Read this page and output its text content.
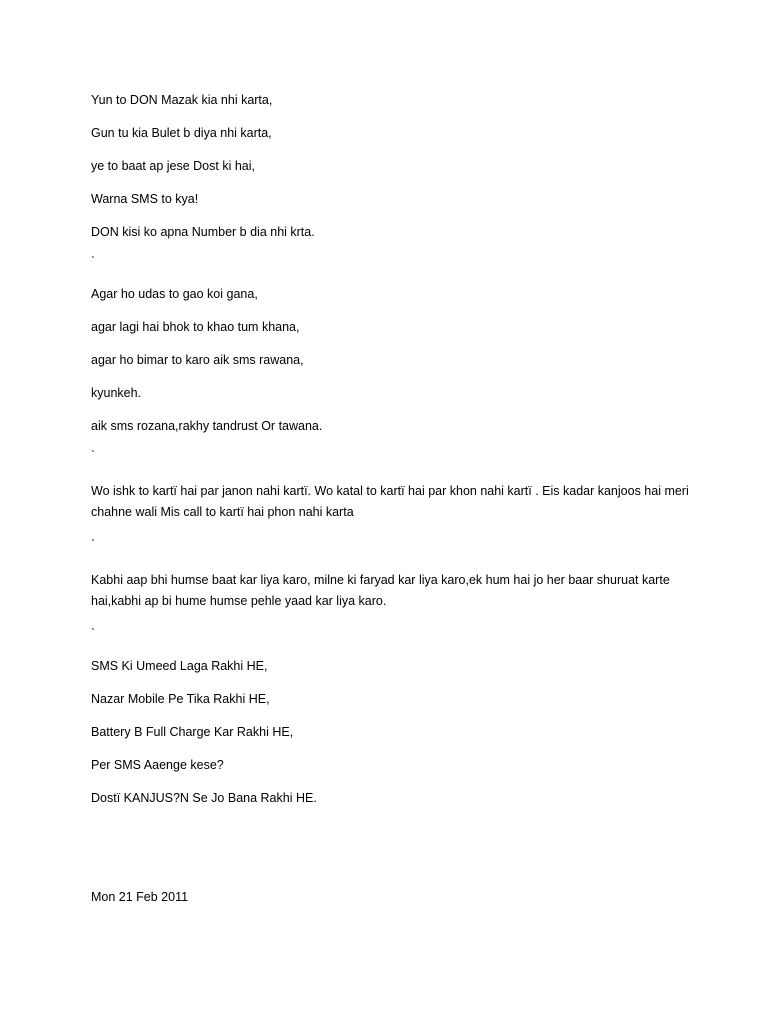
Yun to DON Mazak kia nhi karta,
Gun tu kia Bulet b diya nhi karta,
ye to baat ap jese Dost ki hai,
Warna SMS to kya!
DON kisi ko apna Number b dia nhi krta.
`
Agar ho udas to gao koi gana,
agar lagi hai bhok to khao tum khana,
agar ho bimar to karo aik sms rawana,
kyunkeh.
aik sms rozana,rakhy tandrust Or tawana.
`
Wo ishk to kartï hai par janon nahi kartï. Wo katal to kartï hai par khon nahi kartï . Eis kadar kanjoos hai meri chahne wali Mis call to kartï hai phon nahi karta
`
Kabhi aap bhi humse baat kar liya karo, milne ki faryad kar liya karo,ek hum hai jo her baar shuruat karte hai,kabhi ap bi hume humse pehle yaad kar liya karo.
`
SMS Ki Umeed Laga Rakhi HE,
Nazar Mobile Pe Tika Rakhi HE,
Battery B Full Charge Kar Rakhi HE,
Per SMS Aaenge kese?
Dostï KANJUS?N Se Jo Bana Rakhi HE.
Mon 21 Feb 2011
